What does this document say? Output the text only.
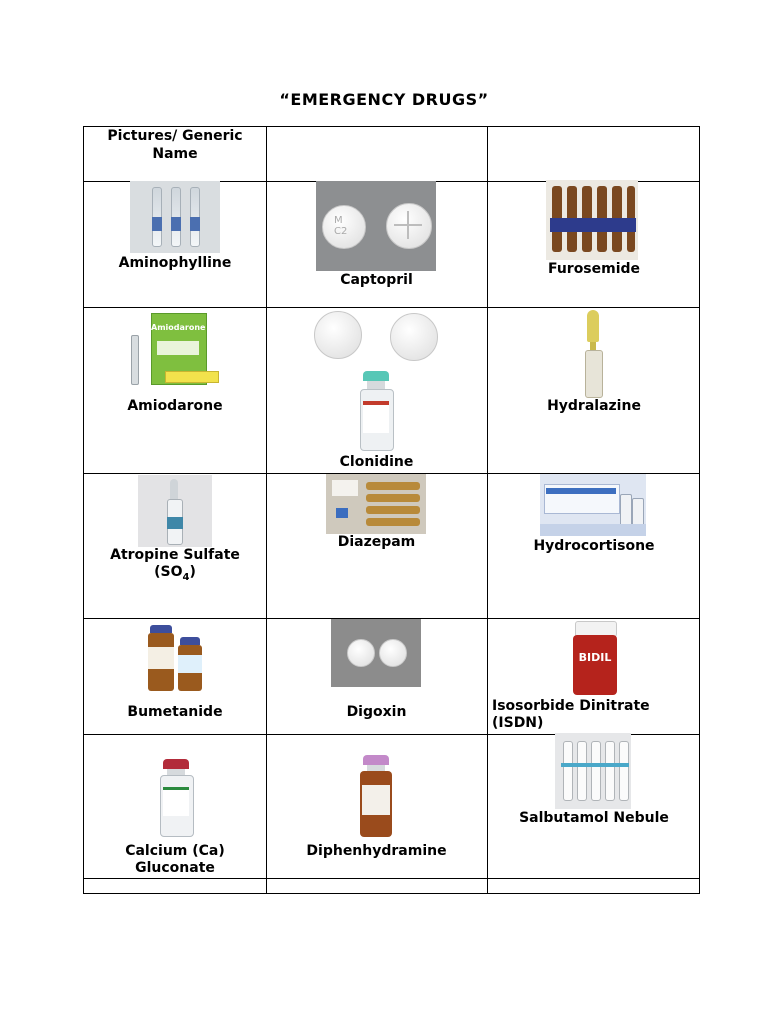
“EMERGENCY DRUGS”
Pictures/ Generic Name
Aminophylline
M
C2
Captopril
Furosemide
Amiodarone
Amiodarone
Clonidine
Hydralazine
Atropine Sulfate
$(SO_4)$
Diazepam	Hydrocortisone
Bumetanide	Digoxin
BIDIL
Isosorbide Dinitrate
(ISDN)
Calcium (Ca)
Gluconate
Diphenhydramine
Salbutamol Nebule
